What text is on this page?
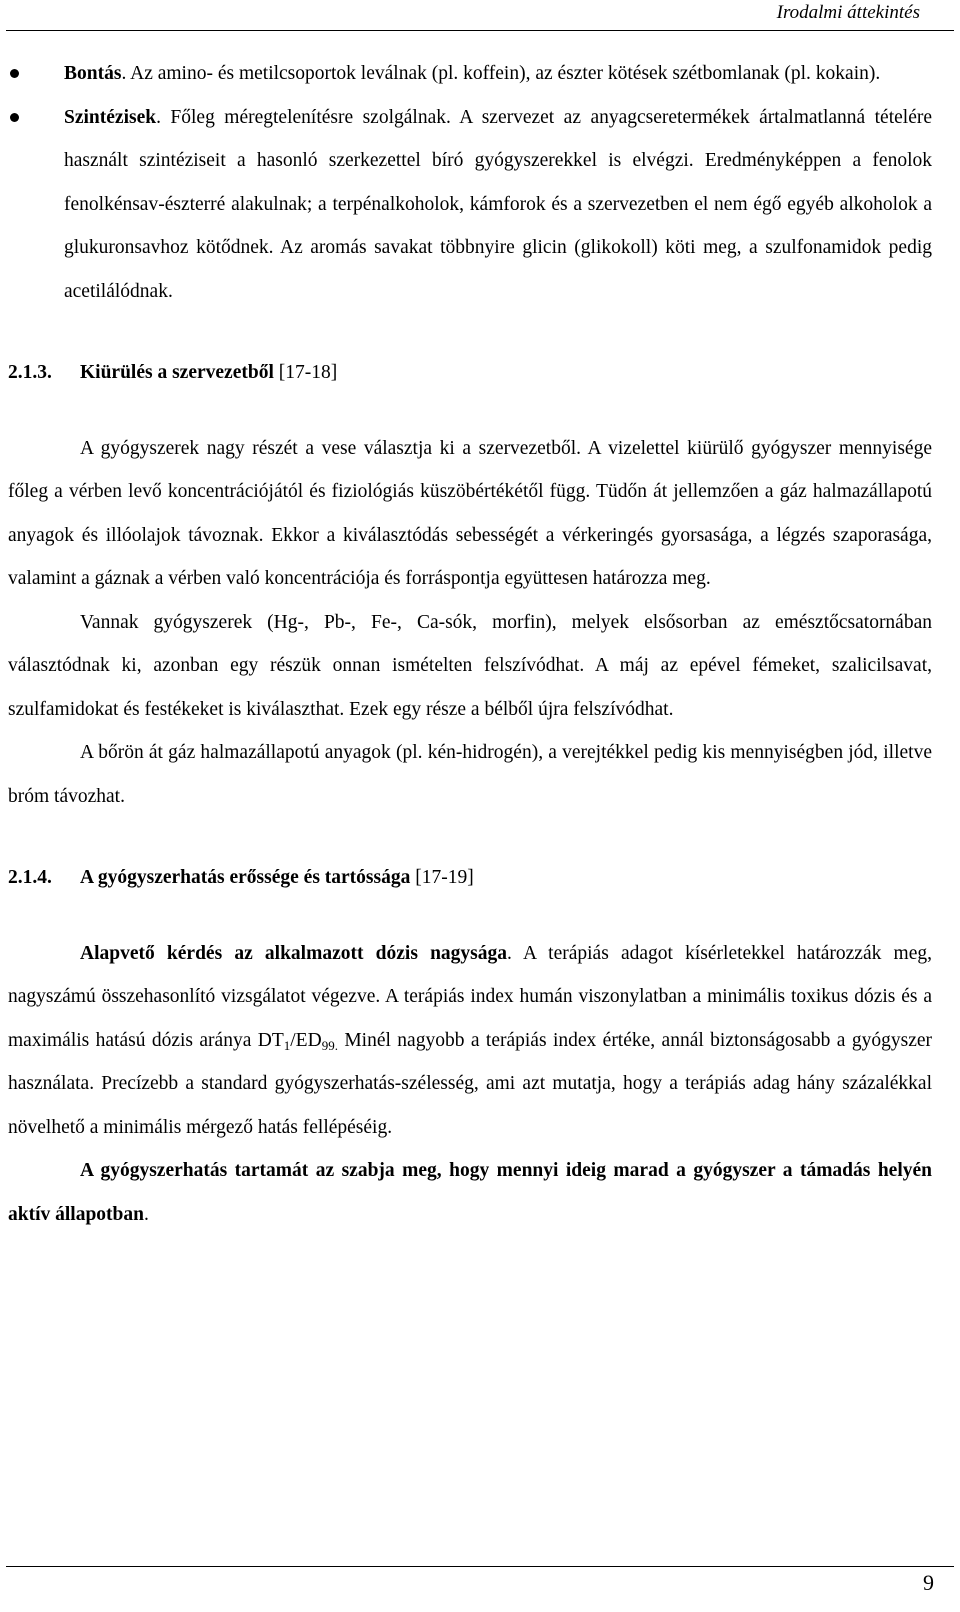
Irodalmi áttekintés
Bontás. Az amino- és metilcsoportok leválnak (pl. koffein), az észter kötések szétbomlanak (pl. kokain).
Szintézisek. Főleg méregtelenítésre szolgálnak. A szervezet az anyagcseretermékek ártalmatlanná tételére használt szintéziseit a hasonló szerkezettel bíró gyógyszerekkel is elvégzi. Eredményképpen a fenolok fenolkénsav-észterré alakulnak; a terpénalkoholok, kámforok és a szervezetben el nem égő egyéb alkoholok a glukuronsavhoz kötődnek. Az aromás savakat többnyire glicin (glikokoll) köti meg, a szulfonamidok pedig acetilálódnak.

2.1.3. Kiürülés a szervezetből [17-18]

A gyógyszerek nagy részét a vese választja ki a szervezetből. A vizelettel kiürülő gyógyszer mennyisége főleg a vérben levő koncentrációjától és fiziológiás küszöbértékétől függ. Tüdőn át jellemzően a gáz halmazállapotú anyagok és illóolajok távoznak. Ekkor a kiválasztódás sebességét a vérkeringés gyorsasága, a légzés szaporasága, valamint a gáznak a vérben való koncentrációja és forráspontja együttesen határozza meg.

Vannak gyógyszerek (Hg-, Pb-, Fe-, Ca-sók, morfin), melyek elsősorban az emésztőcsatornában választódnak ki, azonban egy részük onnan ismételten felszívódhat. A máj az epével fémeket, szalicilsavat, szulfamidokat és festékeket is kiválaszthat. Ezek egy része a bélből újra felszívódhat.

A bőrön át gáz halmazállapotú anyagok (pl. kén-hidrogén), a verejtékkel pedig kis mennyiségben jód, illetve bróm távozhat.

2.1.4. A gyógyszerhatás erőssége és tartóssága [17-19]

Alapvető kérdés az alkalmazott dózis nagysága. A terápiás adagot kísérletekkel határozzák meg, nagyszámú összehasonlító vizsgálatot végezve. A terápiás index humán viszonylatban a minimális toxikus dózis és a maximális hatású dózis aránya $DT_1/ED_{99.}$ Minél nagyobb a terápiás index értéke, annál biztonságosabb a gyógyszer használata. Precízebb a standard gyógyszerhatás-szélesség, ami azt mutatja, hogy a terápiás adag hány százalékkal növelhető a minimális mérgező hatás fellépéséig.

A gyógyszerhatás tartamát az szabja meg, hogy mennyi ideig marad a gyógyszer a támadás helyén aktív állapotban.

9
